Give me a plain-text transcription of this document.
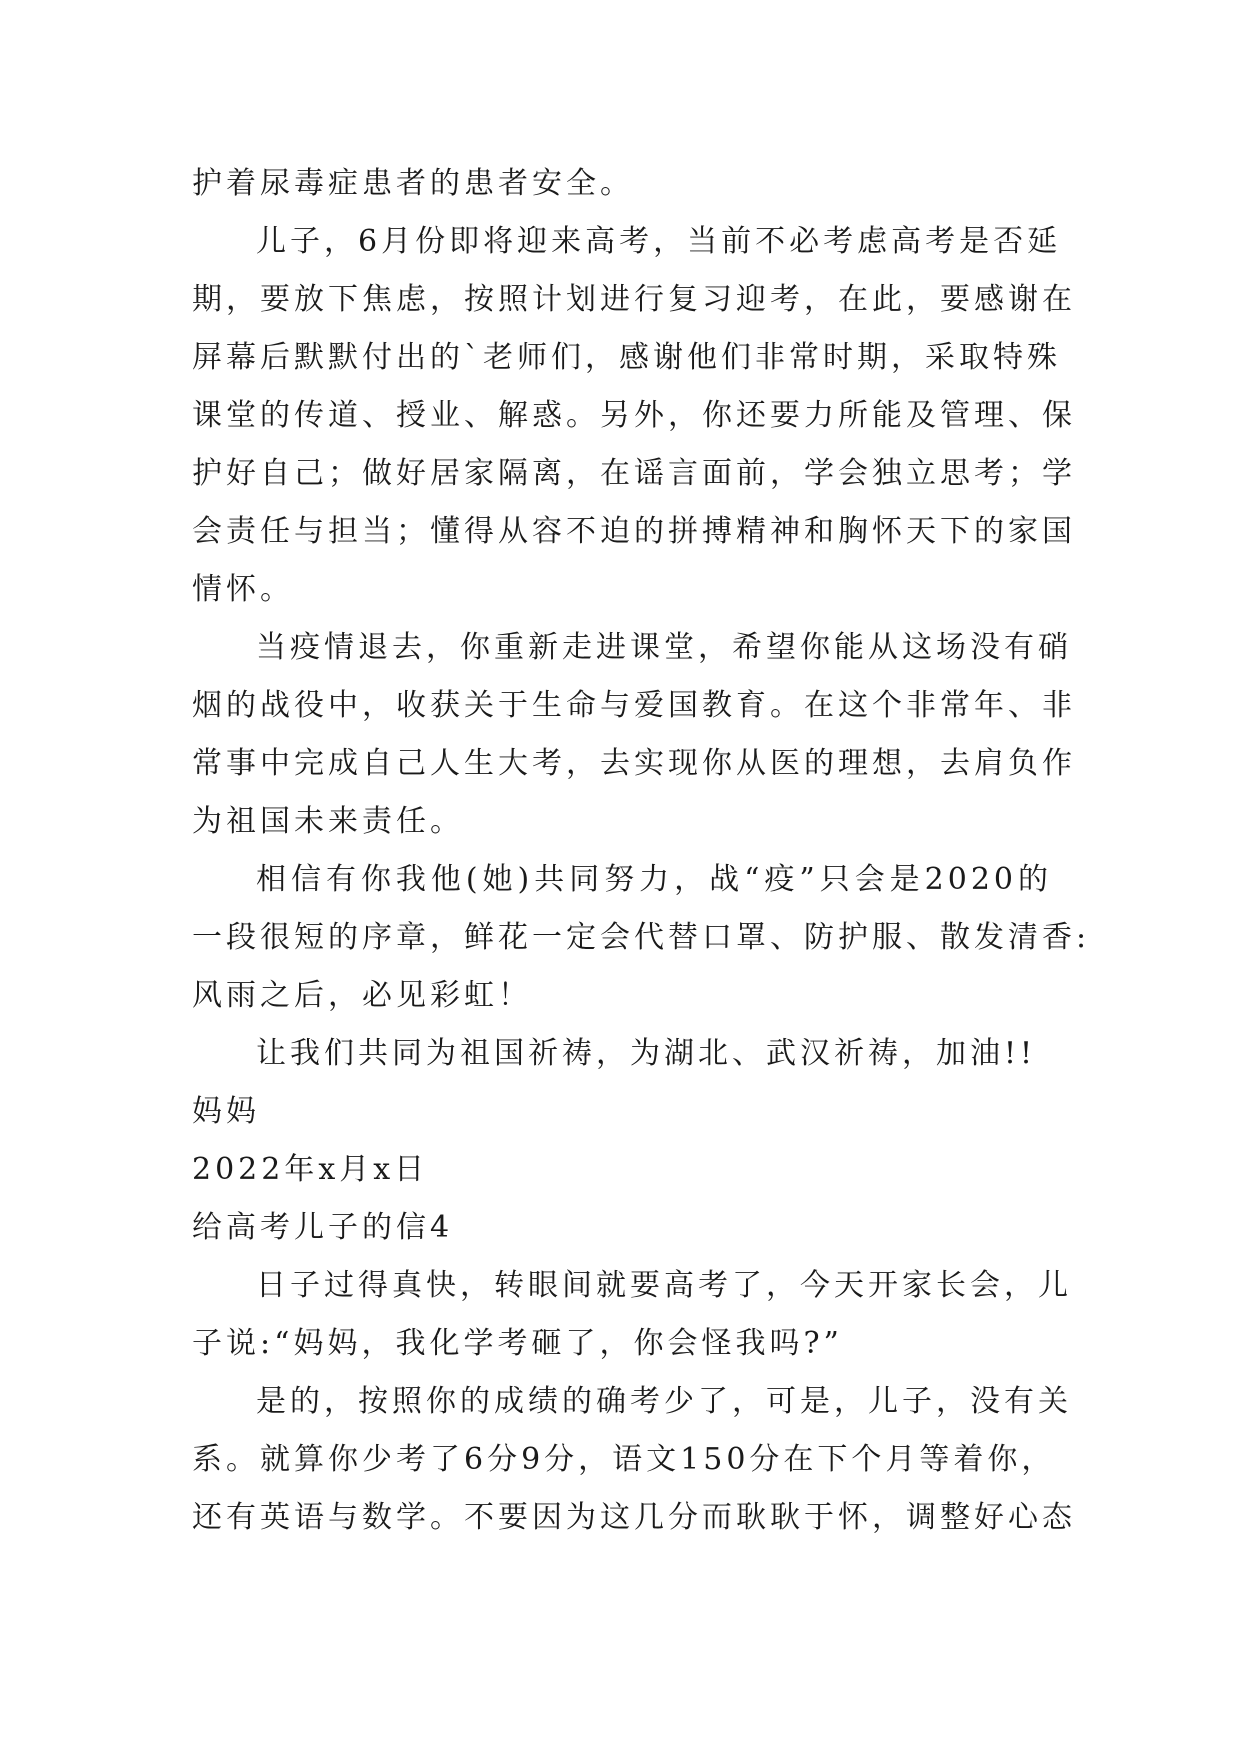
护着尿毒症患者的患者安全。
儿子，6月份即将迎来高考，当前不必考虑高考是否延
期，要放下焦虑，按照计划进行复习迎考，在此，要感谢在
屏幕后默默付出的`老师们，感谢他们非常时期，采取特殊
课堂的传道、授业、解惑。另外，你还要力所能及管理、保
护好自己；做好居家隔离，在谣言面前，学会独立思考；学
会责任与担当；懂得从容不迫的拼搏精神和胸怀天下的家国
情怀。
当疫情退去，你重新走进课堂，希望你能从这场没有硝
烟的战役中，收获关于生命与爱国教育。在这个非常年、非
常事中完成自己人生大考，去实现你从医的理想，去肩负作
为祖国未来责任。
相信有你我他(她)共同努力，战“疫”只会是2020的
一段很短的序章，鲜花一定会代替口罩、防护服、散发清香:
风雨之后，必见彩虹！
让我们共同为祖国祈祷，为湖北、武汉祈祷，加油!!
妈妈
2022年x月x日
给高考儿子的信4
日子过得真快，转眼间就要高考了，今天开家长会，儿
子说:“妈妈，我化学考砸了，你会怪我吗?”
是的，按照你的成绩的确考少了，可是，儿子，没有关
系。就算你少考了6分9分，语文150分在下个月等着你，
还有英语与数学。不要因为这几分而耿耿于怀，调整好心态
